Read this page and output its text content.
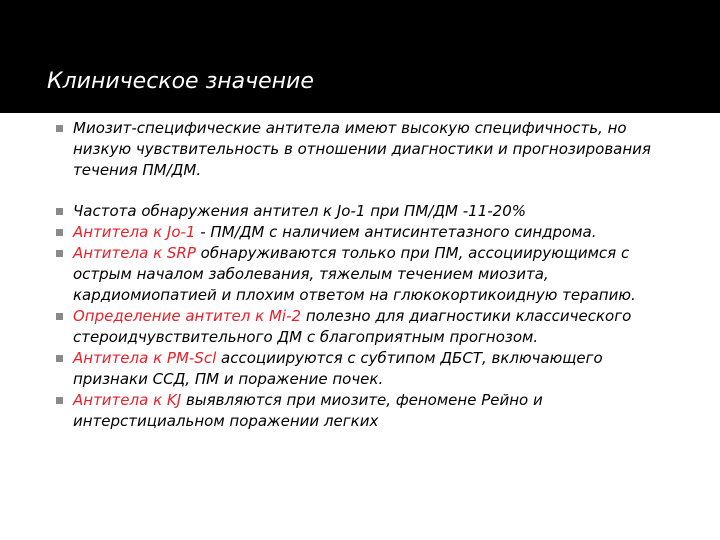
Клиническое значение
Миозит-специфические антитела имеют высокую специфичность, но низкую чувствительность в отношении диагностики и прогнозирования течения ПМ/ДМ.
Частота обнаружения антител к Jo-1 при ПМ/ДМ -11-20%
Антитела к Jo-1 - ПМ/ДМ с наличием антисинтетазного синдрома.
Антитела к SRP обнаруживаются только при ПМ, ассоциирующимся с острым началом заболевания, тяжелым течением миозита, кардиомиопатией и плохим ответом на глюкокортикоидную терапию.
Определение антител к Mi-2 полезно для диагностики классического стероидчувствительного ДМ с благоприятным прогнозом.
Антитела к PM-Scl ассоциируются с субтипом ДБСТ, включающего признаки ССД, ПМ и поражение почек.
Антитела к KJ выявляются при миозите, феномене Рейно и интерстициальном поражении легких
